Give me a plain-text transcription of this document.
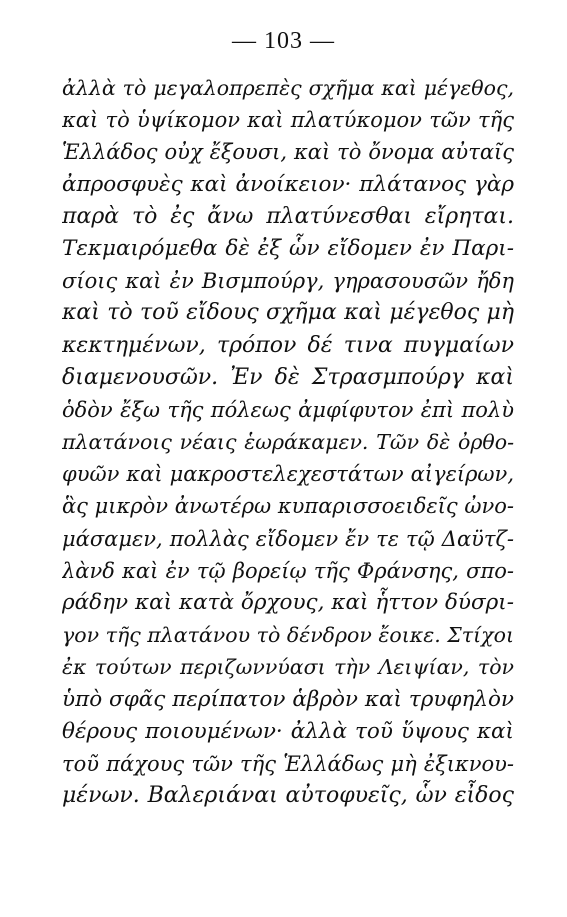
— 103 —
ἀλλὰ τὸ μεγαλοπρεπὲς σχῆμα καὶ μέγεθος,
καὶ τὸ ὑψίκομον καὶ πλατύκομον τῶν τῆς
Ἑλλάδος οὐχ ἔξουσι, καὶ τὸ ὄνομα αὐταῖς
ἀπροσφυὲς καὶ ἀνοίκειον· πλάτανος γὰρ
παρὰ τὸ ἐς ἄνω πλατύνεσθαι εἴρηται.
Τεκμαιρόμεθα δὲ ἐξ ὧν εἴδομεν ἐν Παρι-
σίοις καὶ ἐν Βισμπούργ, γηρασουσῶν ἤδη
καὶ τὸ τοῦ εἴδους σχῆμα καὶ μέγεθος μὴ
κεκτημένων, τρόπον δέ τινα πυγμαίων
διαμενουσῶν. Ἐν δὲ Στρασμπούργ καὶ
ὁδὸν ἔξω τῆς πόλεως ἀμφίφυτον ἐπὶ πολὺ
πλατάνοις νέαις ἑωράκαμεν. Τῶν δὲ ὀρθο-
φυῶν καὶ μακροστελεχεστάτων αἰγείρων,
ἃς μικρὸν ἀνωτέρω κυπαρισσοειδεῖς ὠνο-
μάσαμεν, πολλὰς εἴδομεν ἔν τε τῷ Δαϋτζ-
λὰνδ καὶ ἐν τῷ βορείῳ τῆς Φράνσης, σπο-
ράδην καὶ κατὰ ὄρχους, καὶ ἧττον δύσρι-
γον τῆς πλατάνου τὸ δένδρον ἔοικε. Στίχοι
ἐκ τούτων περιζωννύασι τὴν Λειψίαν, τὸν
ὑπὸ σφᾶς περίπατον ἁβρὸν καὶ τρυφηλὸν
θέρους ποιουμένων· ἀλλὰ τοῦ ὕψους καὶ
τοῦ πάχους τῶν τῆς Ἑλλάδως μὴ ἐξικνου-
μένων. Βαλεριάναι αὐτοφυεῖς, ὧν εἶδος
